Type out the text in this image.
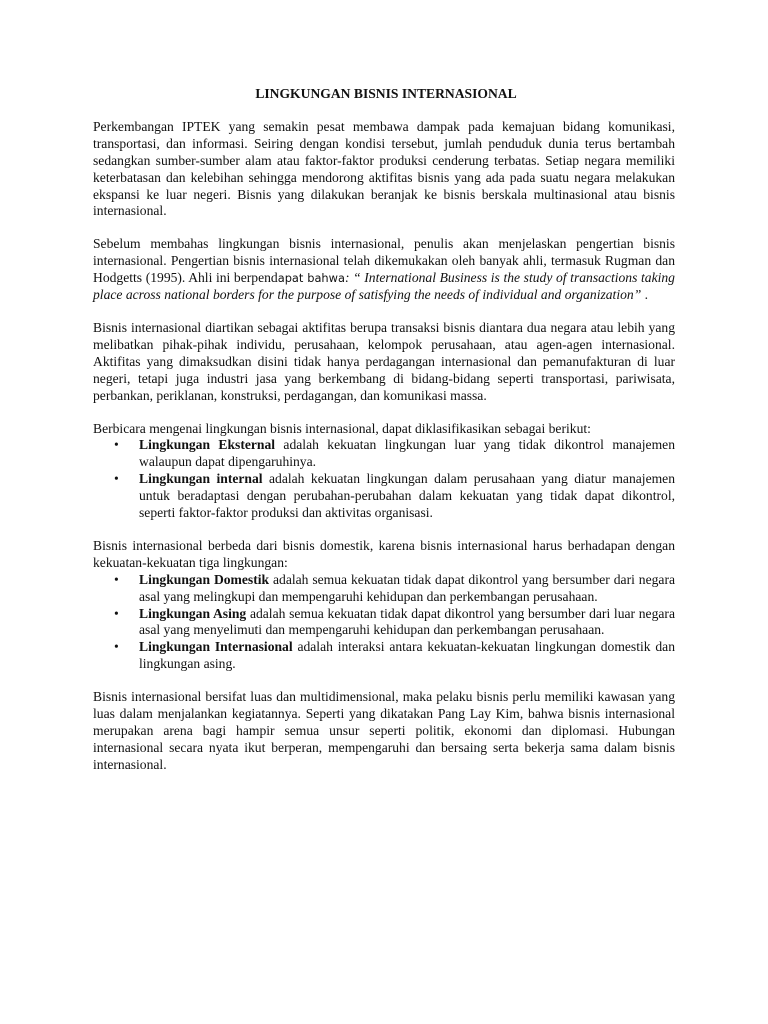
LINGKUNGAN BISNIS INTERNASIONAL

Perkembangan IPTEK yang semakin pesat membawa dampak pada kemajuan bidang komunikasi, transportasi, dan informasi. Seiring dengan kondisi tersebut, jumlah penduduk dunia terus bertambah sedangkan sumber-sumber alam atau faktor-faktor produksi cenderung terbatas. Setiap negara memiliki keterbatasan dan kelebihan sehingga mendorong aktifitas bisnis yang ada pada suatu negara melakukan ekspansi ke luar negeri. Bisnis yang dilakukan beranjak ke bisnis berskala multinasional atau bisnis internasional.

Sebelum membahas lingkungan bisnis internasional, penulis akan menjelaskan pengertian bisnis internasional. Pengertian bisnis internasional telah dikemukakan oleh banyak ahli, termasuk Rugman dan Hodgetts (1995). Ahli ini berpendapat bahwa: “ International Business is the study of transactions taking place across national borders for the purpose of satisfying the needs of individual and organization” .

Bisnis internasional diartikan sebagai aktifitas berupa transaksi bisnis diantara dua negara atau lebih yang melibatkan pihak-pihak individu, perusahaan, kelompok perusahaan, atau agen-agen internasional. Aktifitas yang dimaksudkan disini tidak hanya perdagangan internasional dan pemanufakturan di luar negeri, tetapi juga industri jasa yang berkembang di bidang-bidang seperti transportasi, pariwisata, perbankan, periklanan, konstruksi, perdagangan, dan komunikasi massa.

Berbicara mengenai lingkungan bisnis internasional, dapat diklasifikasikan sebagai berikut:

• Lingkungan Eksternal adalah kekuatan lingkungan luar yang tidak dikontrol manajemen walaupun dapat dipengaruhinya.
• Lingkungan internal adalah kekuatan lingkungan dalam perusahaan yang diatur manajemen untuk beradaptasi dengan perubahan-perubahan dalam kekuatan yang tidak dapat dikontrol, seperti faktor-faktor produksi dan aktivitas organisasi.

Bisnis internasional berbeda dari bisnis domestik, karena bisnis internasional harus berhadapan dengan kekuatan-kekuatan tiga lingkungan:

• Lingkungan Domestik adalah semua kekuatan tidak dapat dikontrol yang bersumber dari negara asal yang melingkupi dan mempengaruhi kehidupan dan perkembangan perusahaan.
• Lingkungan Asing adalah semua kekuatan tidak dapat dikontrol yang bersumber dari luar negara asal yang menyelimuti dan mempengaruhi kehidupan dan perkembangan perusahaan.
• Lingkungan Internasional adalah interaksi antara kekuatan-kekuatan lingkungan domestik dan lingkungan asing.

Bisnis internasional bersifat luas dan multidimensional, maka pelaku bisnis perlu memiliki kawasan yang luas dalam menjalankan kegiatannya. Seperti yang dikatakan Pang Lay Kim, bahwa bisnis internasional merupakan arena bagi hampir semua unsur seperti politik, ekonomi dan diplomasi. Hubungan internasional secara nyata ikut berperan, mempengaruhi dan bersaing serta bekerja sama dalam bisnis internasional.
